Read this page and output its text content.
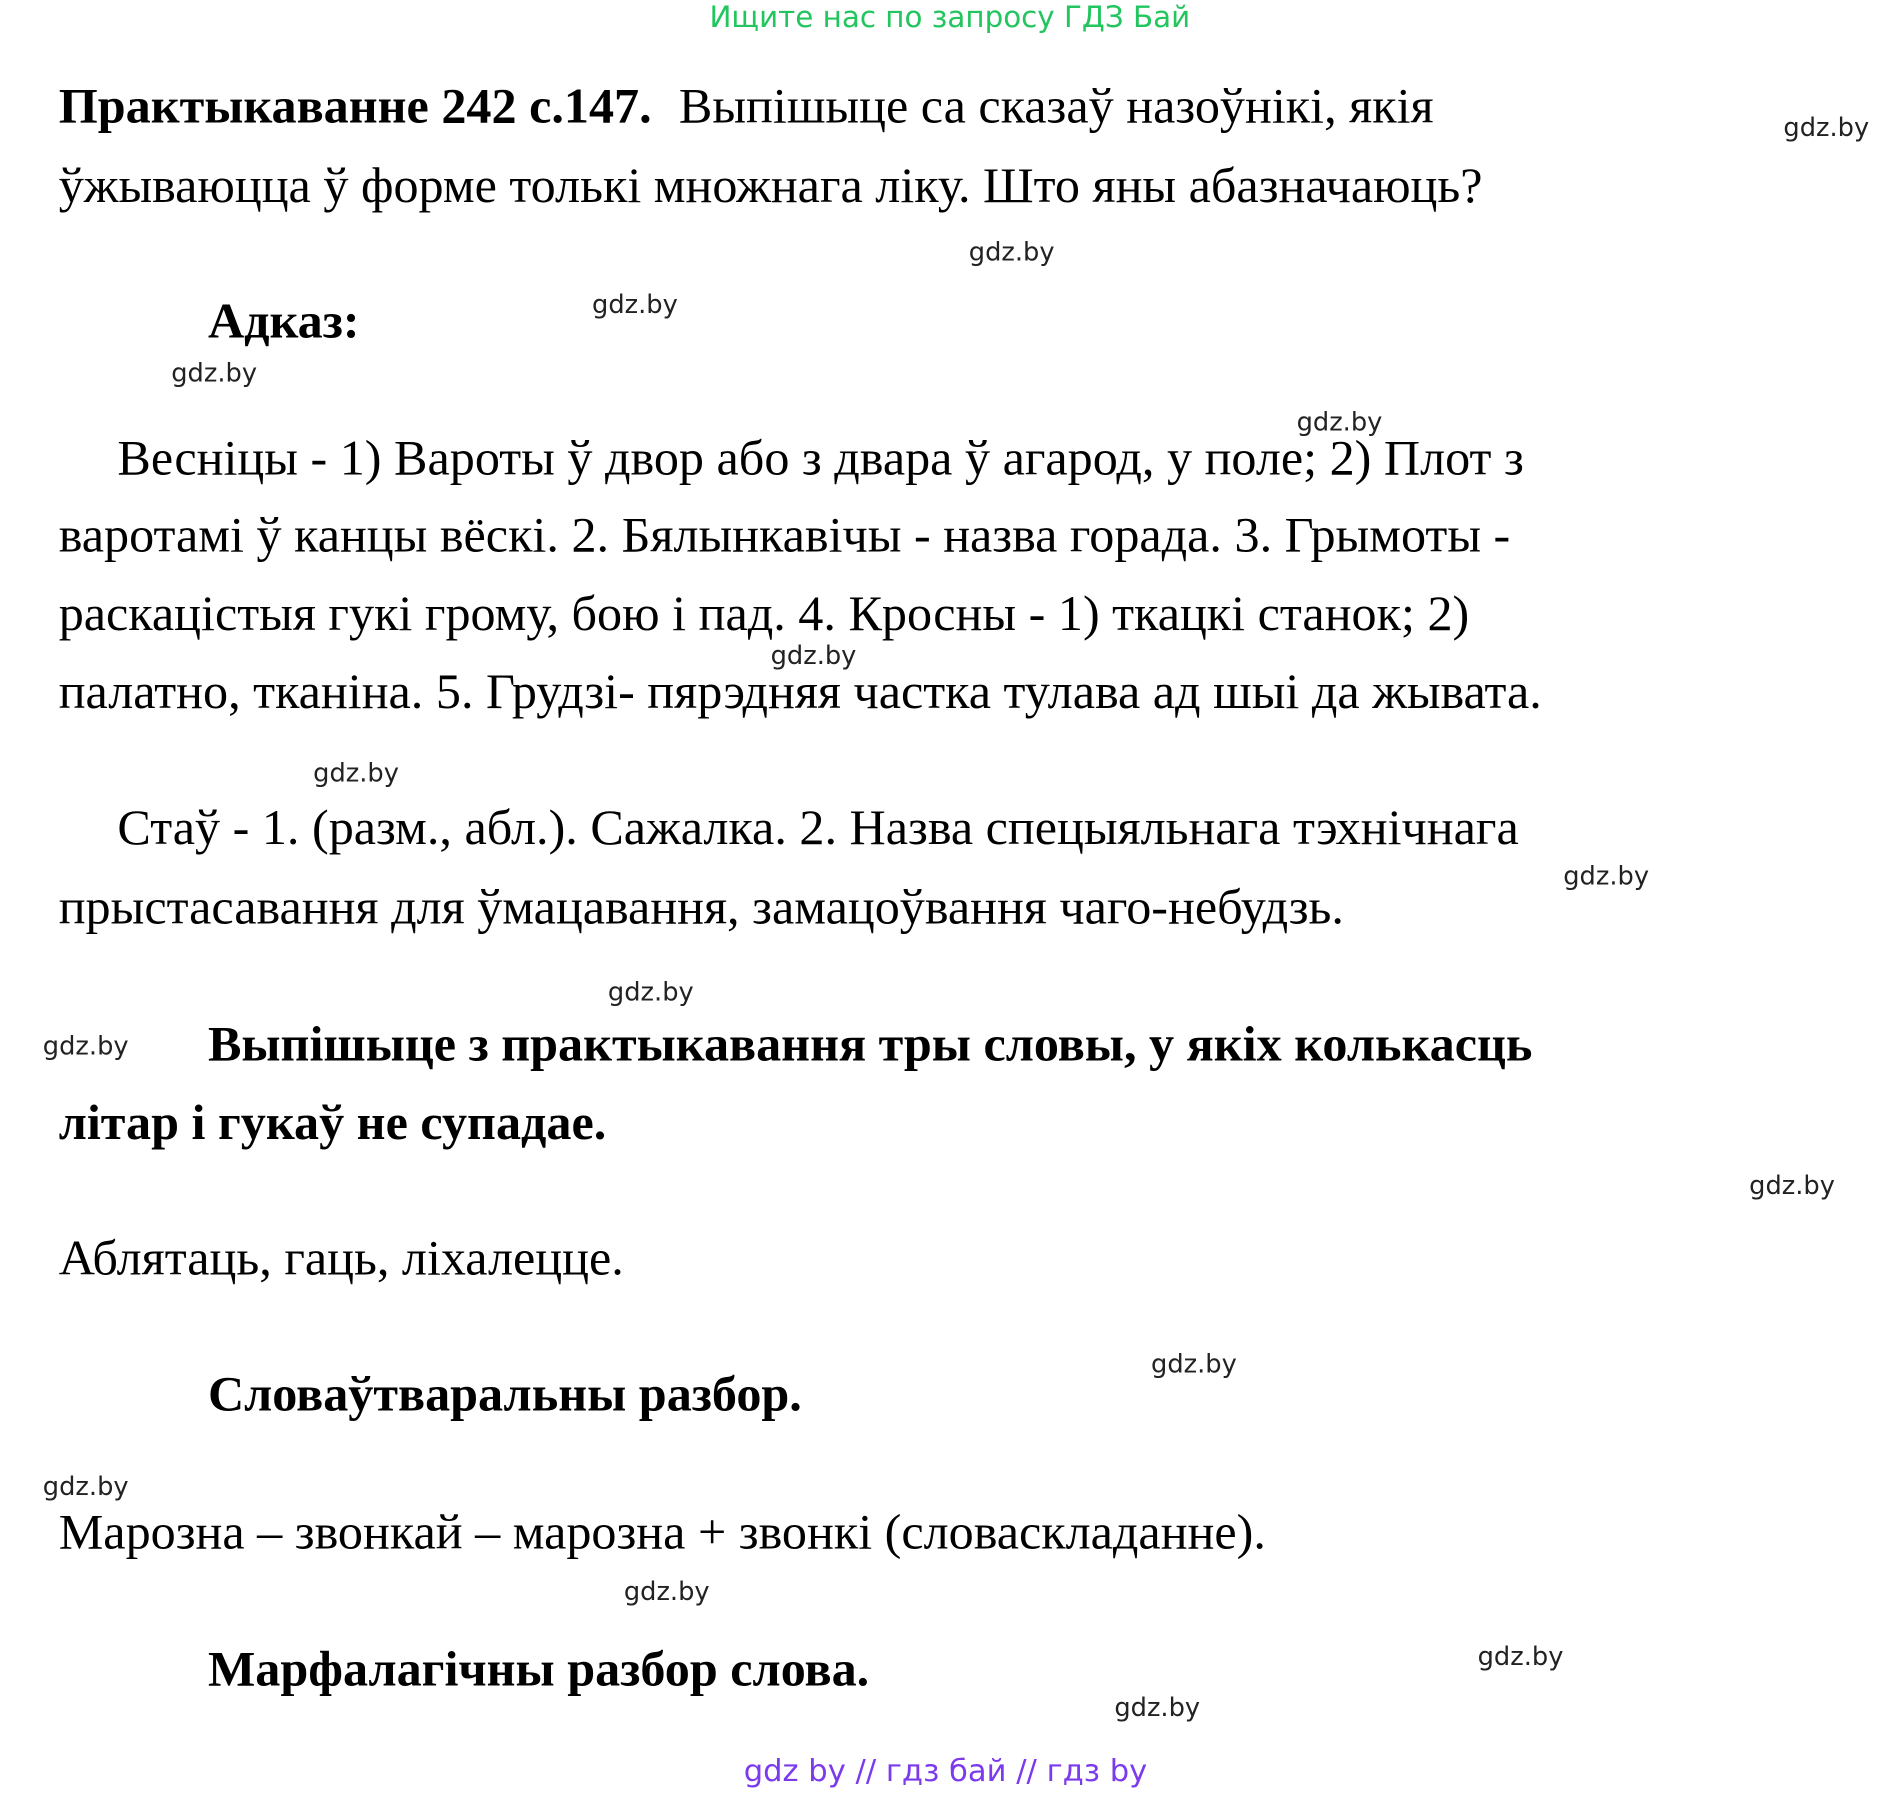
Ищите нас по запросу ГДЗ Бай
Практыкаванне 242 с.147. Выпішыце са сказаў назоўнікі, якія
ўжываюцца ў форме толькі множнага ліку. Што яны абазначаюць?
Адказ:
Весніцы - 1) Вароты ў двор або з двара ў агарод, у поле; 2) Плот з
варотамі ў канцы вёскі. 2. Бялынкавічы - назва горада. 3. Грымоты -
раскацістыя гукі грому, бою і пад. 4. Кросны - 1) ткацкі станок; 2)
палатно, тканіна. 5. Грудзі- пярэдняя частка тулава ад шыі да жывата.
Стаў - 1. (разм., абл.). Сажалка. 2. Назва спецыяльнага тэхнічнага
прыстасавання для ўмацавання, замацоўвання чаго-небудзь.
Выпішыце з практыкавання тры словы, у якіх колькасць
літар і гукаў не супадае.
Аблятаць, гаць, ліхалецце.
Словаўтваральны разбор.
Марозна – звонкай – марозна + звонкі (словаскладанне).
Марфалагічны разбор слова.
gdz.by
gdz.by
gdz.by
gdz.by
gdz.by
gdz.by
gdz.by
gdz.by
gdz.by
gdz.by
gdz.by
gdz.by
gdz.by
gdz.by
gdz.by
gdz.by
gdz by // гдз бай // гдз by
